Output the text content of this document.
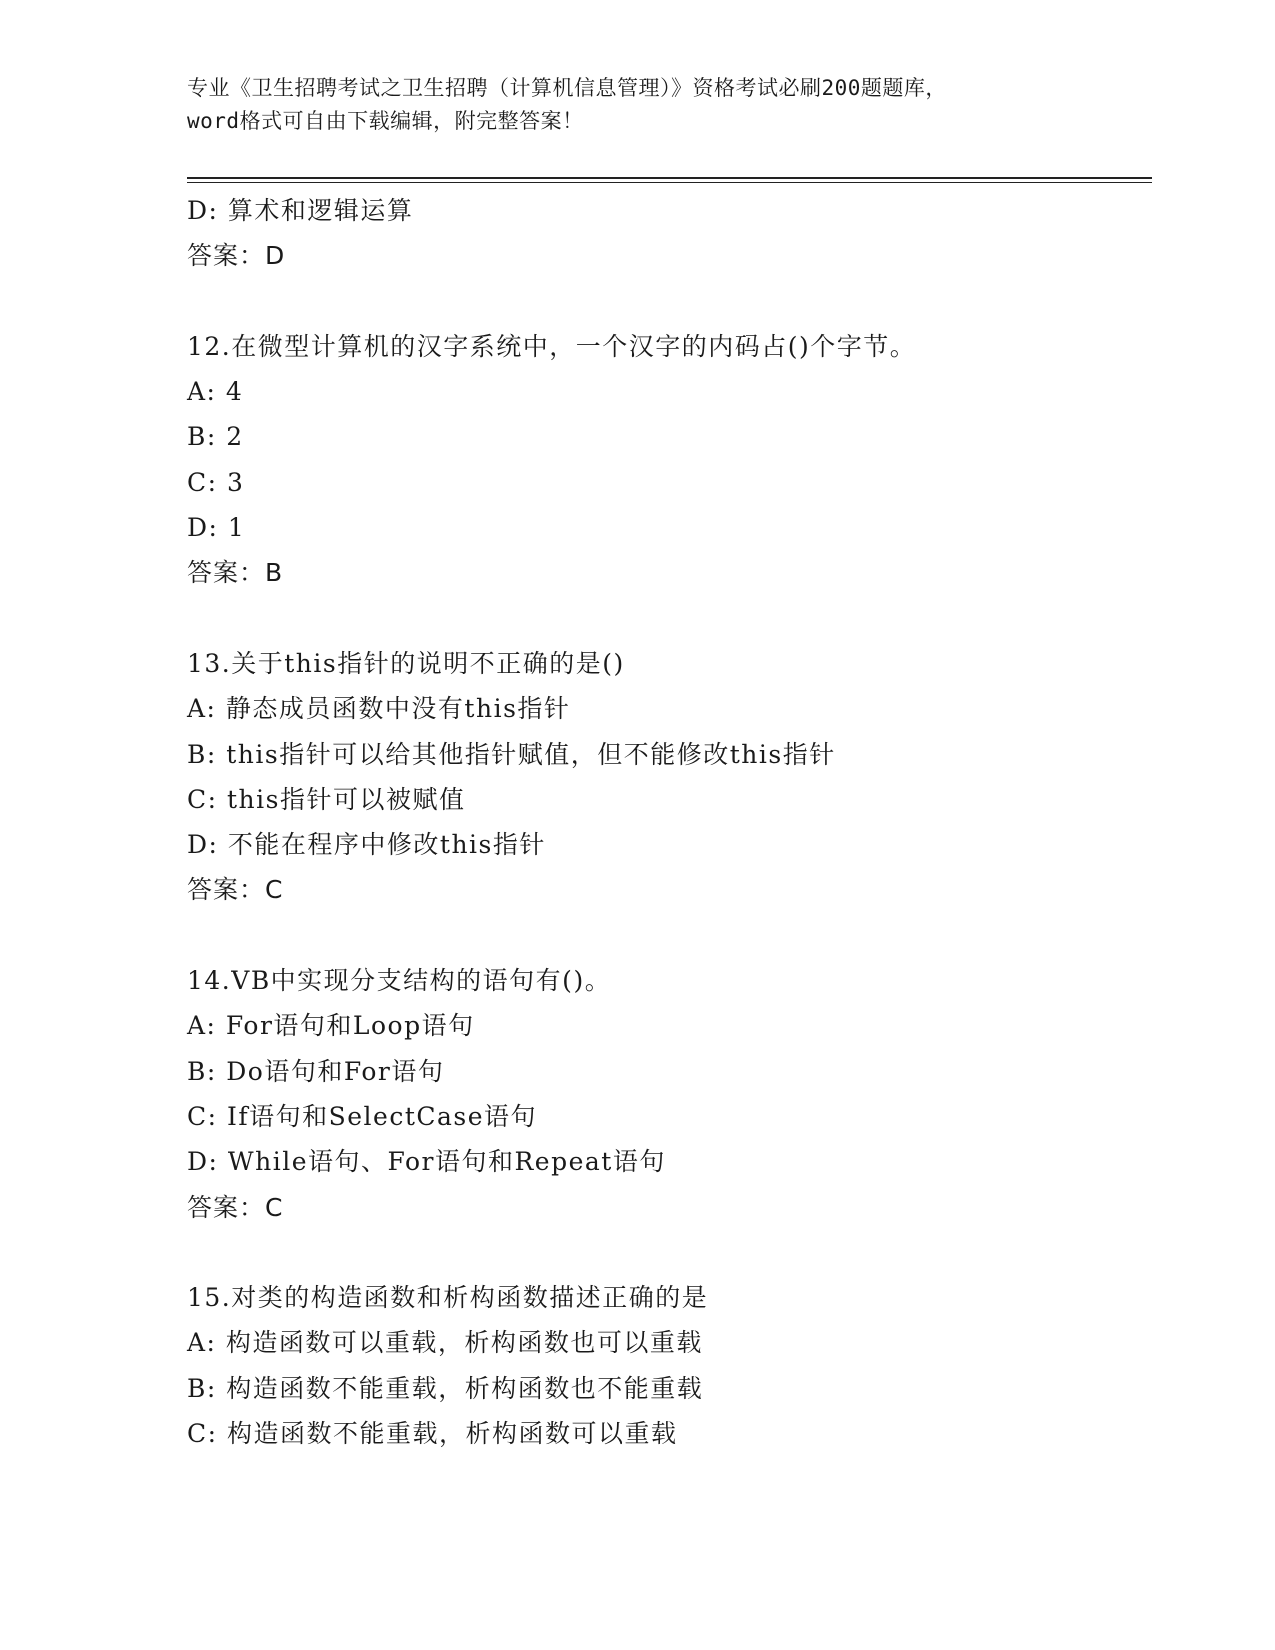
专业《卫生招聘考试之卫生招聘（计算机信息管理）》资格考试必刷200题题库，
word格式可自由下载编辑，附完整答案！
D: 算术和逻辑运算
答案：D
12.在微型计算机的汉字系统中，一个汉字的内码占()个字节。
A: 4
B: 2
C: 3
D: 1
答案：B
13.关于this指针的说明不正确的是()
A: 静态成员函数中没有this指针
B: this指针可以给其他指针赋值，但不能修改this指针
C: this指针可以被赋值
D: 不能在程序中修改this指针
答案：C
14.VB中实现分支结构的语句有()。
A: For语句和Loop语句
B: Do语句和For语句
C: If语句和SelectCase语句
D: While语句、For语句和Repeat语句
答案：C
15.对类的构造函数和析构函数描述正确的是
A: 构造函数可以重载，析构函数也可以重载
B: 构造函数不能重载，析构函数也不能重载
C: 构造函数不能重载，析构函数可以重载
